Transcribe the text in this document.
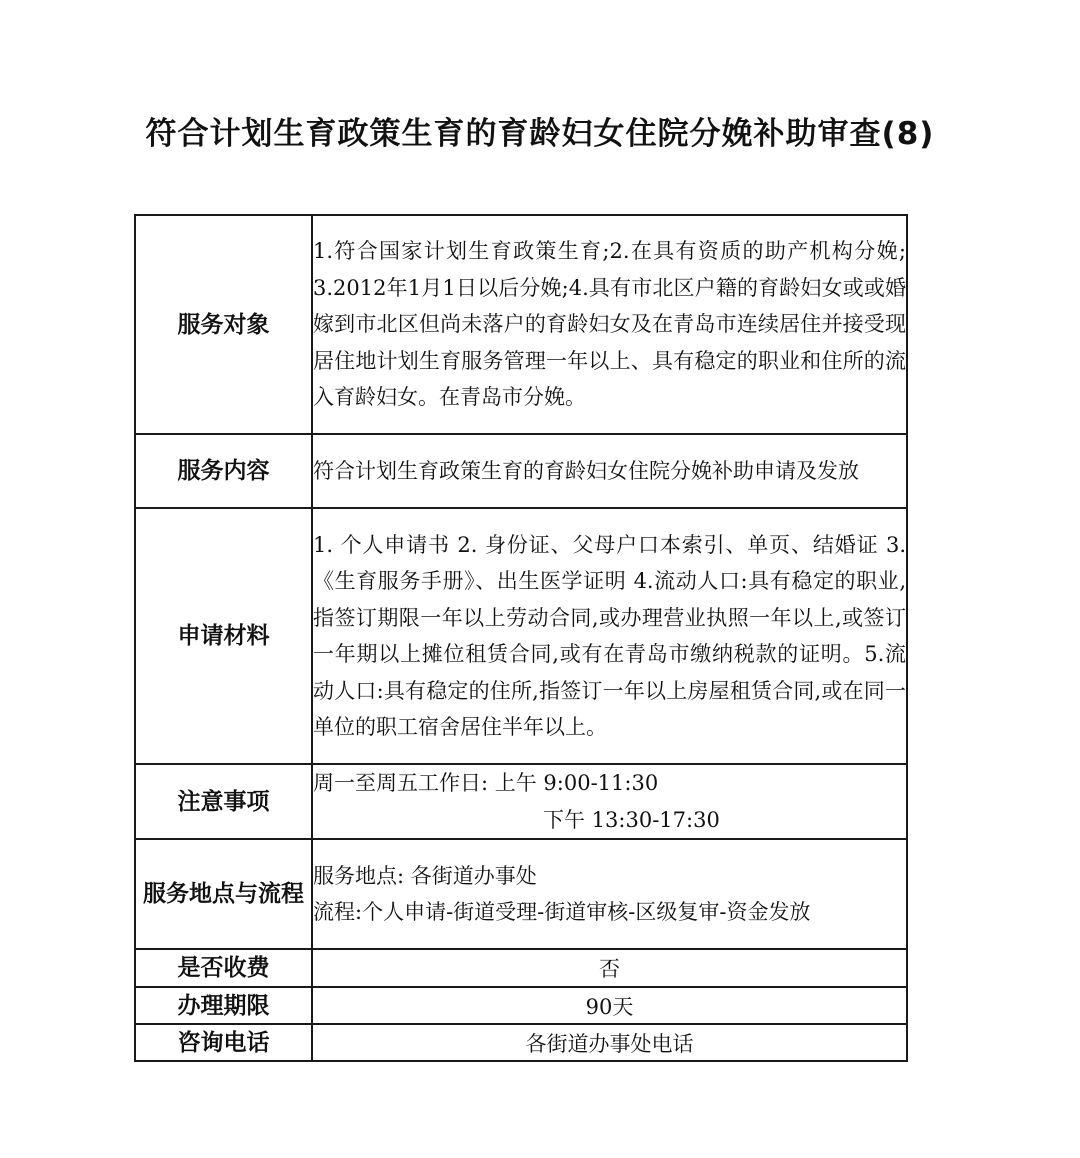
符合计划生育政策生育的育龄妇女住院分娩补助审查(8)
服务对象	1.符合国家计划生育政策生育;2.在具有资质的助产机构分娩; 3.2012年1月1日以后分娩;4.具有市北区户籍的育龄妇女或或婚嫁到市北区但尚未落户的育龄妇女及在青岛市连续居住并接受现居住地计划生育服务管理一年以上、具有稳定的职业和住所的流入育龄妇女。在青岛市分娩。
服务内容	符合计划生育政策生育的育龄妇女住院分娩补助申请及发放
申请材料	1. 个人申请书 2. 身份证、父母户口本索引、单页、结婚证 3. 《生育服务手册》、出生医学证明 4.流动人口:具有稳定的职业,指签订期限一年以上劳动合同,或办理营业执照一年以上,或签订一年期以上摊位租赁合同,或有在青岛市缴纳税款的证明。5.流动人口:具有稳定的住所,指签订一年以上房屋租赁合同,或在同一单位的职工宿舍居住半年以上。
注意事项	周一至周五工作日: 上午 9:00-11:30
下午 13:30-17:30

服务地点与流程	服务地点: 各街道办事处
流程:个人申请-街道受理-街道审核-区级复审-资金发放

是否收费	否
办理期限	90天
咨询电话	各街道办事处电话
